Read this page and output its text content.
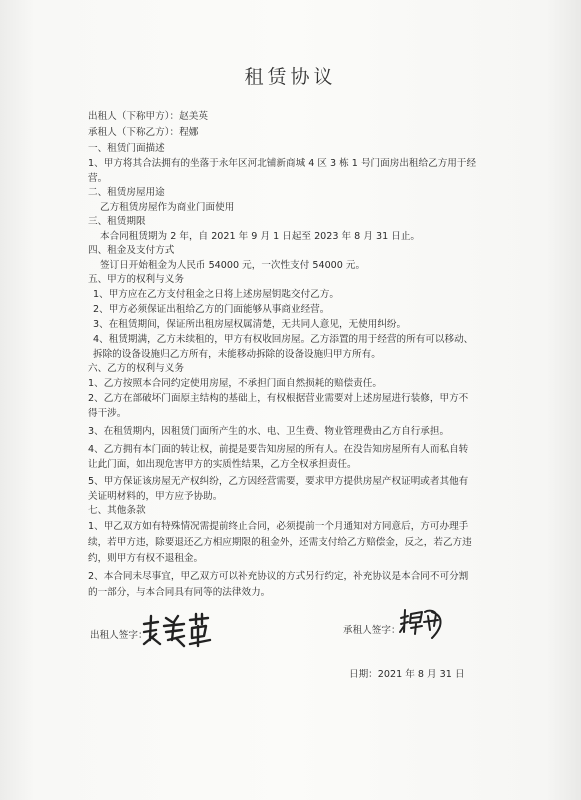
租赁协议
出租人（下称甲方）：赵美英
承租人（下称乙方）：程娜
一、租赁门面描述
1、甲方将其合法拥有的坐落于永年区河北铺新商城 4 区 3 栋 1 号门面房出租给乙方用于经
营。
二、租赁房屋用途
乙方租赁房屋作为商业门面使用
三、租赁期限
本合同租赁期为 2 年，自 2021 年 9 月 1 日起至 2023 年 8 月 31 日止。
四、租金及支付方式
签订日开始租金为人民币 54000 元，一次性支付 54000 元。
五、甲方的权利与义务
1、甲方应在乙方支付租金之日将上述房屋钥匙交付乙方。
2、甲方必须保证出租给乙方的门面能够从事商业经营。
3、在租赁期间，保证所出租房屋权属清楚，无共同人意见，无使用纠纷。
4、租赁期满，乙方未续租的，甲方有权收回房屋。乙方添置的用于经营的所有可以移动、
拆除的设备设施归乙方所有，未能移动拆除的设备设施归甲方所有。
六、乙方的权利与义务
1、乙方按照本合同约定使用房屋，不承担门面自然损耗的赔偿责任。
2、乙方在部破坏门面原主结构的基础上，有权根据营业需要对上述房屋进行装修，甲方不
得干涉。
3、在租赁期内，因租赁门面所产生的水、电、卫生费、物业管理费由乙方自行承担。
4、乙方拥有本门面的转让权，前提是要告知房屋的所有人。在没告知房屋所有人而私自转
让此门面，如出现危害甲方的实质性结果，乙方全权承担责任。
5、甲方保证该房屋无产权纠纷，乙方因经营需要，要求甲方提供房屋产权证明或者其他有
关证明材料的，甲方应予协助。
七、其他条款
1、甲乙双方如有特殊情况需提前终止合同，必须提前一个月通知对方同意后，方可办理手
续，若甲方违，除要退还乙方相应期限的租金外，还需支付给乙方赔偿金，反之，若乙方违
约，则甲方有权不退租金。
2、本合同未尽事宜，甲乙双方可以补充协议的方式另行约定，补充协议是本合同不可分割
的一部分，与本合同具有同等的法律效力。
出租人签字：	承租人签字：
日期：2021 年 8 月 31 日
